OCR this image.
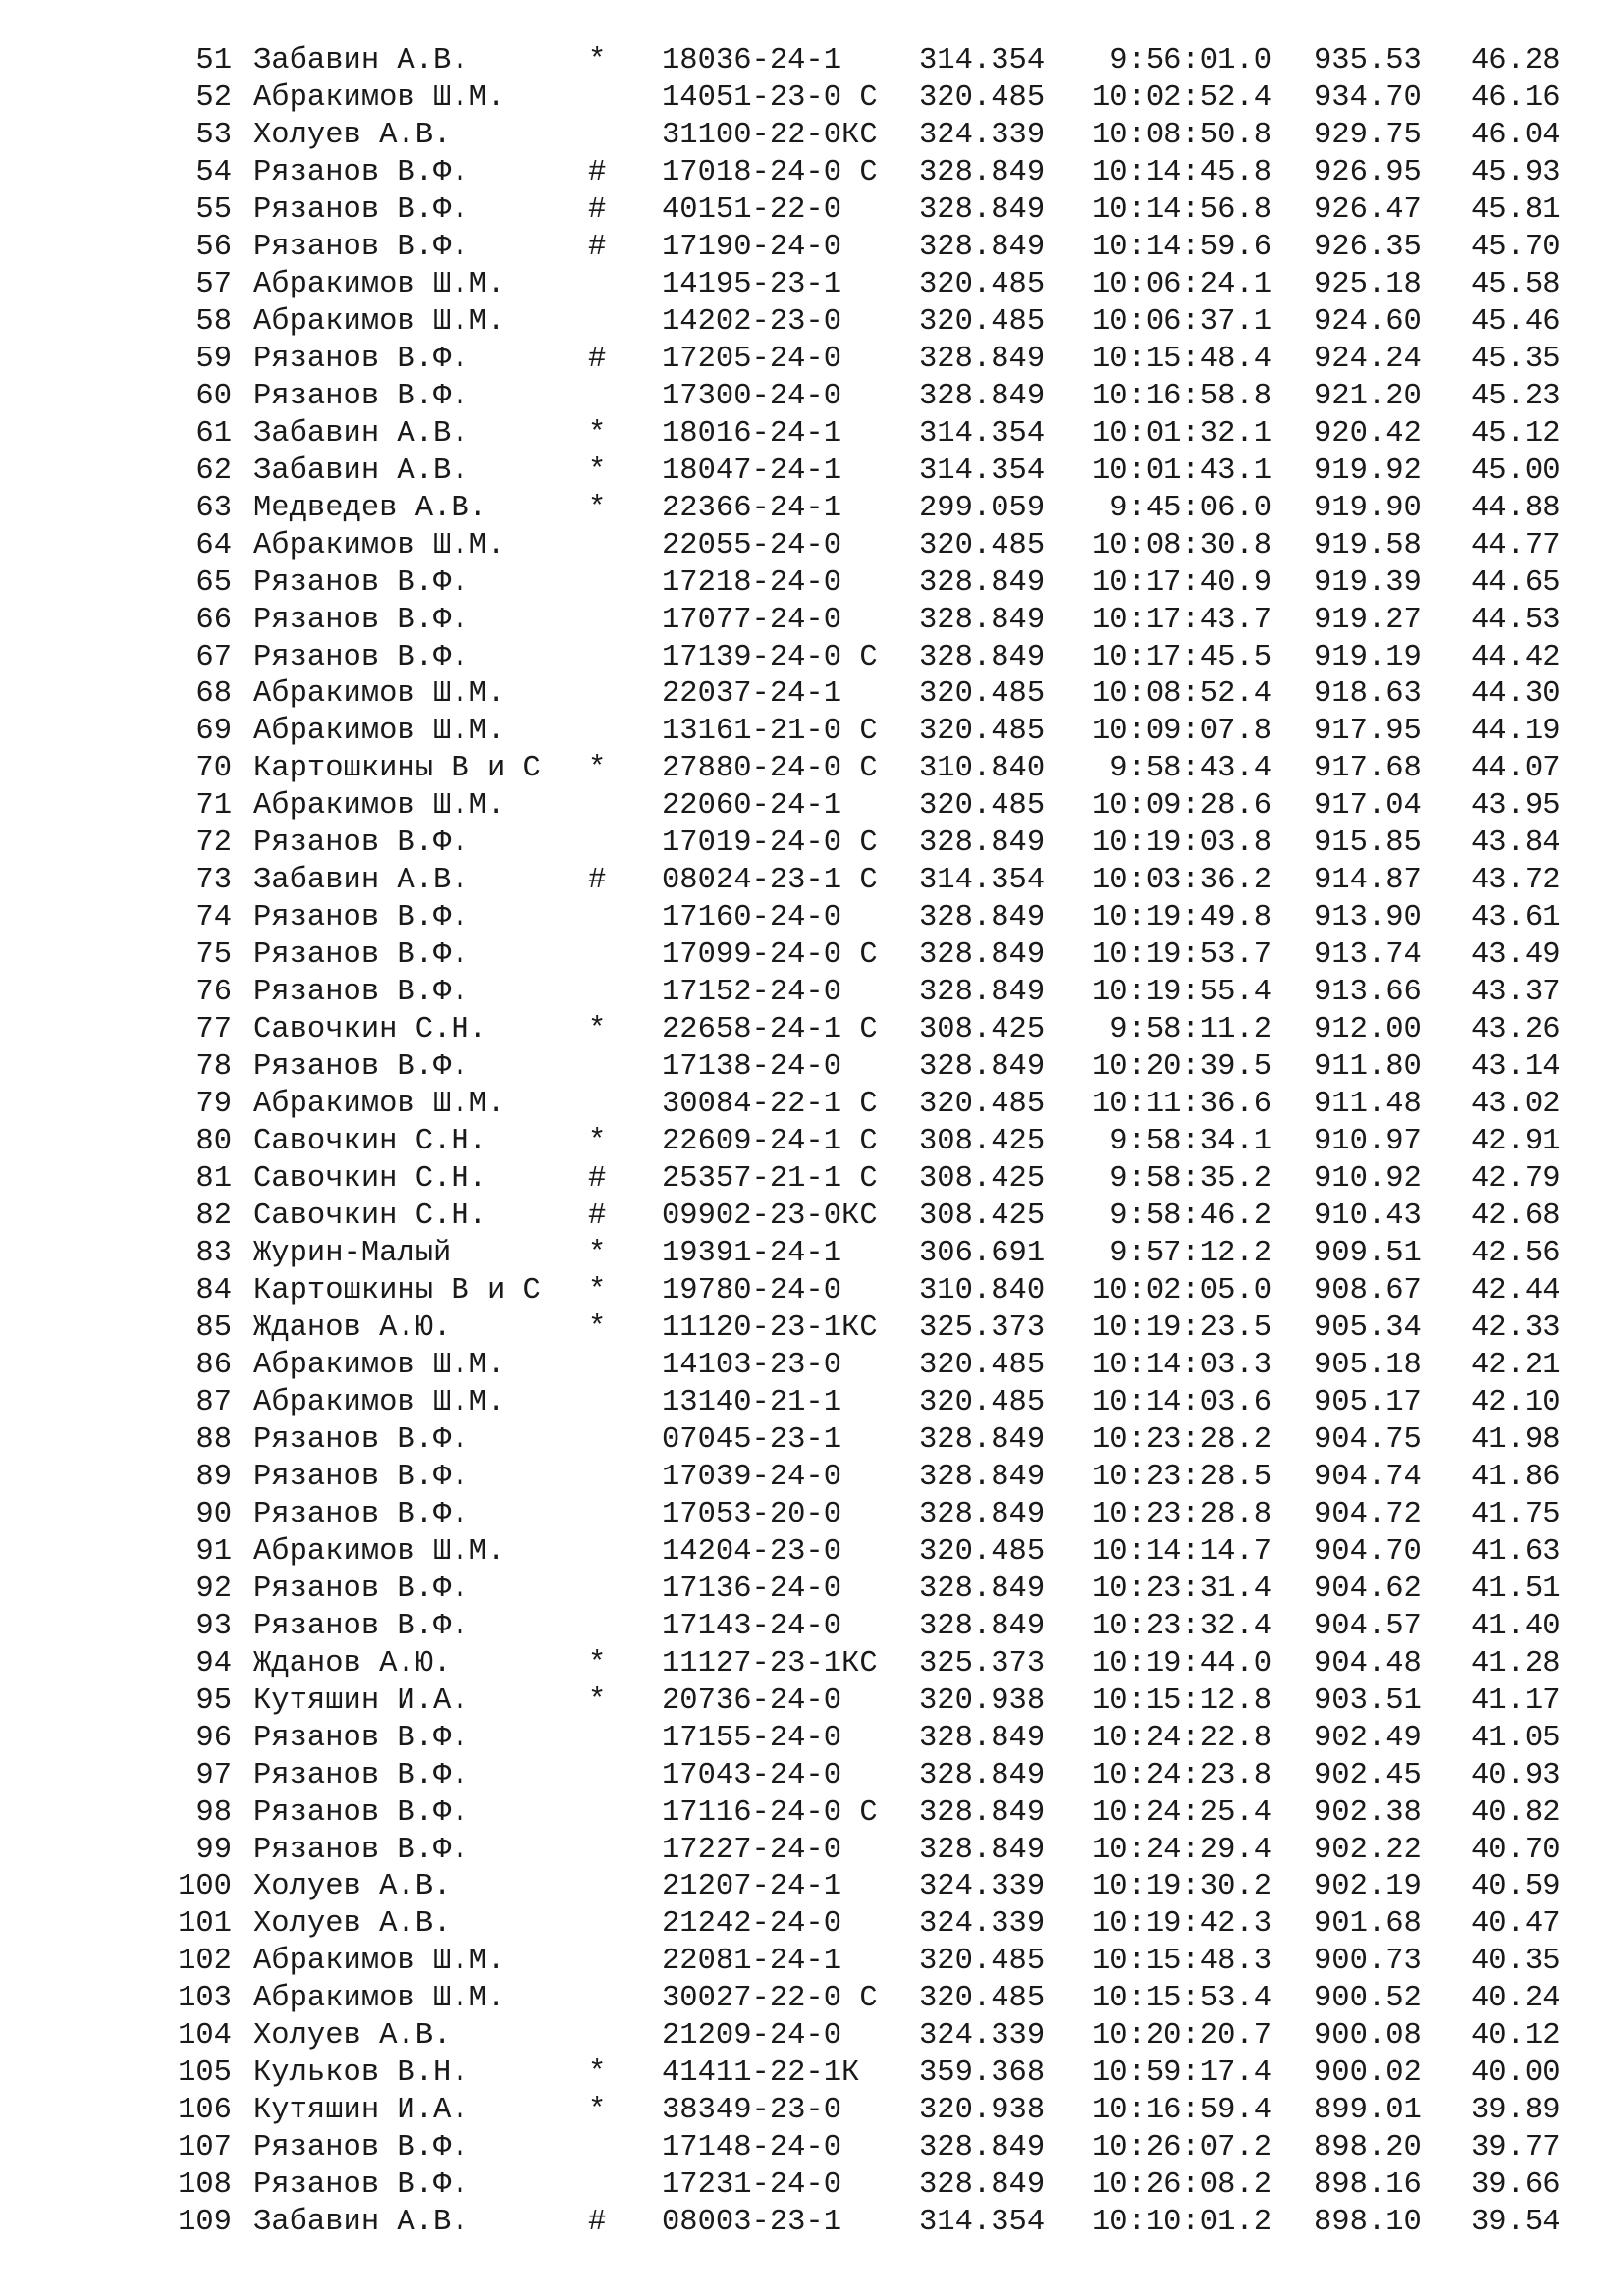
51 Забавин А.В.	* 18036-24-1	314.354	9:56:01.0 935.53 46.28
52 Абракимов Ш.М.	14051-23-0 С 320.485	10:02:52.4 934.70 46.16
53 Холуев А.В.	31100-22-0КС 324.339	10:08:50.8 929.75 46.04
54 Рязанов В.Ф.	# 17018-24-0 С 328.849	10:14:45.8 926.95 45.93
55 Рязанов В.Ф.	# 40151-22-0	328.849	10:14:56.8 926.47 45.81
56 Рязанов В.Ф.	# 17190-24-0	328.849	10:14:59.6 926.35 45.70
57 Абракимов Ш.М.	14195-23-1	320.485	10:06:24.1 925.18 45.58
58 Абракимов Ш.М.	14202-23-0	320.485	10:06:37.1 924.60 45.46
59 Рязанов В.Ф.	# 17205-24-0	328.849	10:15:48.4 924.24 45.35
60 Рязанов В.Ф.	17300-24-0	328.849	10:16:58.8 921.20 45.23
61 Забавин А.В.	* 18016-24-1	314.354	10:01:32.1 920.42 45.12
62 Забавин А.В.	* 18047-24-1	314.354	10:01:43.1 919.92 45.00
63 Медведев А.В.	* 22366-24-1	299.059	9:45:06.0 919.90 44.88
64 Абракимов Ш.М.	22055-24-0	320.485	10:08:30.8 919.58 44.77
65 Рязанов В.Ф.	17218-24-0	328.849	10:17:40.9 919.39 44.65
66 Рязанов В.Ф.	17077-24-0	328.849	10:17:43.7 919.27 44.53
67 Рязанов В.Ф.	17139-24-0 С 328.849	10:17:45.5 919.19 44.42
68 Абракимов Ш.М.	22037-24-1	320.485	10:08:52.4 918.63 44.30
69 Абракимов Ш.М.	13161-21-0 С 320.485	10:09:07.8 917.95 44.19
70 Картошкины В и С * 27880-24-0 С 310.840	9:58:43.4 917.68 44.07
71 Абракимов Ш.М.	22060-24-1	320.485	10:09:28.6 917.04 43.95
72 Рязанов В.Ф.	17019-24-0 С 328.849	10:19:03.8 915.85 43.84
73 Забавин А.В.	# 08024-23-1 С 314.354	10:03:36.2 914.87 43.72
74 Рязанов В.Ф.	17160-24-0	328.849	10:19:49.8 913.90 43.61
75 Рязанов В.Ф.	17099-24-0 С 328.849	10:19:53.7 913.74 43.49
76 Рязанов В.Ф.	17152-24-0	328.849	10:19:55.4 913.66 43.37
77 Савочкин С.Н.	* 22658-24-1 С 308.425	9:58:11.2 912.00 43.26
78 Рязанов В.Ф.	17138-24-0	328.849	10:20:39.5 911.80 43.14
79 Абракимов Ш.М.	30084-22-1 С 320.485	10:11:36.6 911.48 43.02
80 Савочкин С.Н.	* 22609-24-1 С 308.425	9:58:34.1 910.97 42.91
81 Савочкин С.Н.	# 25357-21-1 С 308.425	9:58:35.2 910.92 42.79
82 Савочкин С.Н.	# 09902-23-0КС 308.425	9:58:46.2 910.43 42.68
83 Журин-Малый	* 19391-24-1	306.691	9:57:12.2 909.51 42.56
84 Картошкины В и С * 19780-24-0	310.840	10:02:05.0 908.67 42.44
85 Жданов А.Ю.	* 11120-23-1КС 325.373	10:19:23.5 905.34 42.33
86 Абракимов Ш.М.	14103-23-0	320.485	10:14:03.3 905.18 42.21
87 Абракимов Ш.М.	13140-21-1	320.485	10:14:03.6 905.17 42.10
88 Рязанов В.Ф.	07045-23-1	328.849	10:23:28.2 904.75 41.98
89 Рязанов В.Ф.	17039-24-0	328.849	10:23:28.5 904.74 41.86
90 Рязанов В.Ф.	17053-20-0	328.849	10:23:28.8 904.72 41.75
91 Абракимов Ш.М.	14204-23-0	320.485	10:14:14.7 904.70 41.63
92 Рязанов В.Ф.	17136-24-0	328.849	10:23:31.4 904.62 41.51
93 Рязанов В.Ф.	17143-24-0	328.849	10:23:32.4 904.57 41.40
94 Жданов А.Ю.	* 11127-23-1КС 325.373	10:19:44.0 904.48 41.28
95 Кутяшин И.А.	* 20736-24-0	320.938	10:15:12.8 903.51 41.17
96 Рязанов В.Ф.	17155-24-0	328.849	10:24:22.8 902.49 41.05
97 Рязанов В.Ф.	17043-24-0	328.849	10:24:23.8 902.45 40.93
98 Рязанов В.Ф.	17116-24-0 С 328.849	10:24:25.4 902.38 40.82
99 Рязанов В.Ф.	17227-24-0	328.849	10:24:29.4 902.22 40.70
100 Холуев А.В.	21207-24-1	324.339	10:19:30.2 902.19 40.59
101 Холуев А.В.	21242-24-0	324.339	10:19:42.3 901.68 40.47
102 Абракимов Ш.М.	22081-24-1	320.485	10:15:48.3 900.73 40.35
103 Абракимов Ш.М.	30027-22-0 С 320.485	10:15:53.4 900.52 40.24
104 Холуев А.В.	21209-24-0	324.339	10:20:20.7 900.08 40.12
105 Кульков В.Н.	* 41411-22-1К 359.368	10:59:17.4 900.02 40.00
106 Кутяшин И.А.	* 38349-23-0	320.938	10:16:59.4 899.01 39.89
107 Рязанов В.Ф.	17148-24-0	328.849	10:26:07.2 898.20 39.77
108 Рязанов В.Ф.	17231-24-0	328.849	10:26:08.2 898.16 39.66
109 Забавин А.В.	# 08003-23-1	314.354	10:10:01.2 898.10 39.54
